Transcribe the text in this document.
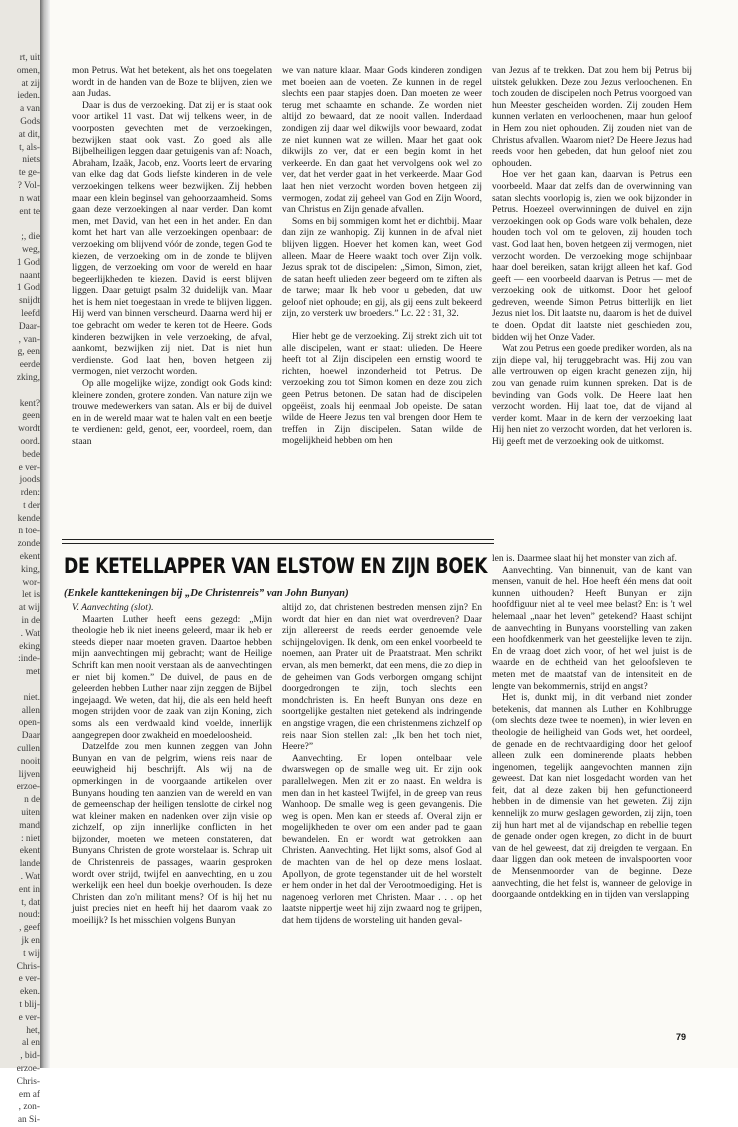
rt, uit
omen,
at zij
ieden.
a van
Gods
at dit,
t, als-
niets
te ge-
? Vol-
n wat
ent te

;, die
weg,
1 God
naant
1 God
snijdt
leefd
Daar-
, van-
g, een
eerde
zking,

kent?
geen
wordt
oord.
bede
e ver-
joods
rden:
t der
kende
n toe-
zonde
ekent
king,
wor-
let is
at wij
in de
. Wat
eking
:inde-
met

niet.
allen
open-
Daar
cullen
nooit
lijven
erzoe-
n de
uiten
mand
: niet
ekent
lande
. Wat
ent in
t, dat
noud:
, geef
jk en
t wij
Chris-
e ver-
eken.
t blij-
e ver-
het,
al en
, bid-
erzoe-
Chris-
em af
, zon-
an Si-

mon Petrus. Wat het betekent, als het ons toegelaten wordt in de handen van de Boze te blijven, zien we aan Judas.

Daar is dus de verzoeking. Dat zij er is staat ook voor artikel 11 vast. Dat wij telkens weer, in de voorposten gevechten met de verzoekingen, bezwijken staat ook vast. Zo goed als alle Bijbelheiligen leggen daar getuigenis van af: Noach, Abraham, Izaäk, Jacob, enz. Voorts leert de ervaring van elke dag dat Gods liefste kinderen in de vele verzoekingen telkens weer bezwijken. Zij hebben maar een klein beginsel van gehoorzaamheid. Soms gaan deze verzoekingen al naar verder. Dan komt men, met David, van het een in het ander. En dan komt het hart van alle verzoekingen openbaar: de verzoeking om blijvend vóór de zonde, tegen God te kiezen, de verzoeking om in de zonde te blijven liggen, de verzoeking om voor de wereld en haar begeerlijkheden te kiezen. David is eerst blijven liggen. Daar getuigt psalm 32 duidelijk van. Maar het is hem niet toegestaan in vrede te blijven liggen. Hij werd van binnen verscheurd. Daarna werd hij er toe gebracht om weder te keren tot de Heere. Gods kinderen bezwijken in vele verzoeking, de afval, aankomt, bezwijken zij niet. Dat is niet hun verdienste. God laat hen, boven hetgeen zij vermogen, niet verzocht worden.

Op alle mogelijke wijze, zondigt ook Gods kind: kleinere zonden, grotere zonden. Van nature zijn we trouwe medewerkers van satan. Als er bij de duivel en in de wereld maar wat te halen valt en een beetje te verdienen: geld, genot, eer, voordeel, roem, dan staan

we van nature klaar. Maar Gods kinderen zondigen met boeien aan de voeten. Ze kunnen in de regel slechts een paar stapjes doen. Dan moeten ze weer terug met schaamte en schande. Ze worden niet altijd zo bewaard, dat ze nooit vallen. Inderdaad zondigen zij daar wel dikwijls voor bewaard, zodat ze niet kunnen wat ze willen. Maar het gaat ook dikwijls zo ver, dat er een begin komt in het verkeerde. En dan gaat het vervolgens ook wel zo ver, dat het verder gaat in het verkeerde. Maar God laat hen niet verzocht worden boven hetgeen zij vermogen, zodat zij geheel van God en Zijn Woord, van Christus en Zijn genade afvallen.

Soms en bij sommigen komt het er dichtbij. Maar dan zijn ze wanhopig. Zij kunnen in de afval niet blijven liggen. Hoever het komen kan, weet God alleen. Maar de Heere waakt toch over Zijn volk. Jezus sprak tot de discipelen: „Simon, Simon, ziet, de satan heeft ulieden zeer begeerd om te ziften als de tarwe; maar Ik heb voor u gebeden, dat uw geloof niet ophoude; en gij, als gij eens zult bekeerd zijn, zo versterk uw broeders.” Lc. 22 : 31, 32.

Hier hebt ge de verzoeking. Zij strekt zich uit tot alle discipelen, want er staat: ulieden. De Heere heeft tot al Zijn discipelen een ernstig woord te richten, hoewel inzonderheid tot Petrus. De verzoeking zou tot Simon komen en deze zou zich geen Petrus betonen. De satan had de discipelen opgeëist, zoals hij eenmaal Job opeiste. De satan wilde de Heere Jezus ten val brengen door Hem te treffen in Zijn discipelen. Satan wilde de mogelijkheid hebben om hen

van Jezus af te trekken. Dat zou hem bij Petrus bij uitstek gelukken. Deze zou Jezus verloochenen. En toch zouden de discipelen noch Petrus voorgoed van hun Meester gescheiden worden. Zij zouden Hem kunnen verlaten en verloochenen, maar hun geloof in Hem zou niet ophouden. Zij zouden niet van de Christus afvallen. Waarom niet? De Heere Jezus had reeds voor hen gebeden, dat hun geloof niet zou ophouden.

Hoe ver het gaan kan, daarvan is Petrus een voorbeeld. Maar dat zelfs dan de overwinning van satan slechts voorlopig is, zien we ook bijzonder in Petrus. Hoezeel overwinningen de duivel en zijn verzoekingen ook op Gods ware volk behalen, deze houden toch vol om te geloven, zij houden toch vast. God laat hen, boven hetgeen zij vermogen, niet verzocht worden. De verzoeking moge schijnbaar haar doel bereiken, satan krijgt alleen het kaf. God geeft — een voorbeeld daarvan is Petrus — met de verzoeking ook de uitkomst. Door het geloof gedreven, weende Simon Petrus bitterlijk en liet Jezus niet los. Dit laatste nu, daarom is het de duivel te doen. Opdat dit laatste niet geschieden zou, bidden wij het Onze Vader.

Wat zou Petrus een goede prediker worden, als na zijn diepe val, hij teruggebracht was. Hij zou van alle vertrouwen op eigen kracht genezen zijn, hij zou van genade ruim kunnen spreken. Dat is de bevinding van Gods volk. De Heere laat hen verzocht worden. Hij laat toe, dat de vijand al verder komt. Maar in de kern der verzoeking laat Hij hen niet zo verzocht worden, dat het verloren is. Hij geeft met de verzoeking ook de uitkomst.

DE KETELLAPPER VAN ELSTOW EN ZIJN BOEK
(Enkele kanttekeningen bij „De Christenreis” van John Bunyan)

V. Aanvechting (slot).

Maarten Luther heeft eens gezegd: „Mijn theologie heb ik niet ineens geleerd, maar ik heb er steeds dieper naar moeten graven. Daartoe hebben mijn aanvechtingen mij gebracht; want de Heilige Schrift kan men nooit verstaan als de aanvechtingen er niet bij komen.” De duivel, de paus en de geleerden hebben Luther naar zijn zeggen de Bijbel ingejaagd. We weten, dat hij, die als een held heeft mogen strijden voor de zaak van zijn Koning, zich soms als een verdwaald kind voelde, innerlijk aangegrepen door zwakheid en moedeloosheid.

Datzelfde zou men kunnen zeggen van John Bunyan en van de pelgrim, wiens reis naar de eeuwigheid hij beschrijft. Als wij na de opmerkingen in de voorgaande artikelen over Bunyans houding ten aanzien van de wereld en van de gemeenschap der heiligen tenslotte de cirkel nog wat kleiner maken en nadenken over zijn visie op zichzelf, op zijn innerlijke conflicten in het bijzonder, moeten we meteen constateren, dat Bunyans Christen de grote worstelaar is. Schrap uit de Christenreis de passages, waarin gesproken wordt over strijd, twijfel en aanvechting, en u zou werkelijk een heel dun boekje overhouden. Is deze Christen dan zo'n militant mens? Of is hij het nu juist precies niet en heeft hij het daarom vaak zo moeilijk? Is het misschien volgens Bunyan

altijd zo, dat christenen bestreden mensen zijn? En wordt dat hier en dan niet wat overdreven? Daar zijn allereerst de reeds eerder genoemde vele schijngelovigen. Ik denk, om een enkel voorbeeld te noemen, aan Prater uit de Praatstraat. Men schrikt ervan, als men bemerkt, dat een mens, die zo diep in de geheimen van Gods verborgen omgang schijnt doorgedrongen te zijn, toch slechts een mondchristen is. En heeft Bunyan ons deze en soortgelijke gestalten niet getekend als indringende en angstige vragen, die een christenmens zichzelf op reis naar Sion stellen zal: „Ik ben het toch niet, Heere?”

Aanvechting. Er lopen ontelbaar vele dwarswegen op de smalle weg uit. Er zijn ook parallelwegen. Men zit er zo naast. En weldra is men dan in het kasteel Twijfel, in de greep van reus Wanhoop. De smalle weg is geen gevangenis. Die weg is open. Men kan er steeds af. Overal zijn er mogelijkheden te over om een ander pad te gaan bewandelen. En er wordt wat getrokken aan Christen. Aanvechting. Het lijkt soms, alsof God al de machten van de hel op deze mens loslaat. Apollyon, de grote tegenstander uit de hel worstelt er hem onder in het dal der Verootmoediging. Het is nagenoeg verloren met Christen. Maar . . . op het laatste nippertje weet hij zijn zwaard nog te grijpen, dat hem tijdens de worsteling uit handen geval-

len is. Daarmee slaat hij het monster van zich af.

Aanvechting. Van binnenuit, van de kant van mensen, vanuit de hel. Hoe heeft één mens dat ooit kunnen uithouden? Heeft Bunyan er zijn hoofdfiguur niet al te veel mee belast? En: is 't wel helemaal „naar het leven” getekend? Haast schijnt de aanvechting in Bunyans voorstelling van zaken een hoofdkenmerk van het geestelijke leven te zijn. En de vraag doet zich voor, of het wel juist is de waarde en de echtheid van het geloofsleven te meten met de maatstaf van de intensiteit en de lengte van bekommernis, strijd en angst?

Het is, dunkt mij, in dit verband niet zonder betekenis, dat mannen als Luther en Kohlbrugge (om slechts deze twee te noemen), in wier leven en theologie de heiligheid van Gods wet, het oordeel, de genade en de rechtvaardiging door het geloof alleen zulk een dominerende plaats hebben ingenomen, tegelijk aangevochten mannen zijn geweest. Dat kan niet losgedacht worden van het feit, dat al deze zaken bij hen gefunctioneerd hebben in de dimensie van het geweten. Zij zijn kennelijk zo murw geslagen geworden, zij zijn, toen zij hun hart met al de vijandschap en rebellie tegen de genade onder ogen kregen, zo dicht in de buurt van de hel geweest, dat zij dreigden te vergaan. En daar liggen dan ook meteen de invalspoorten voor de Mensenmoorder van de beginne. Deze aanvechting, die het felst is, wanneer de gelovige in doorgaande ontdekking en in tijden van verslapping

79
